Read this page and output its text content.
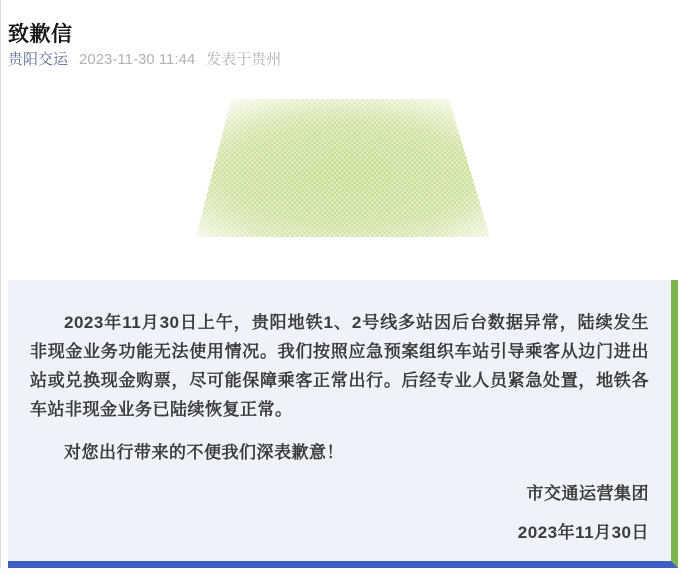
致歉信
贵阳交运 2023-11-30 11:44 发表于贵州

2023年11月30日上午，贵阳地铁1、2号线多站因后台数据异常，陆续发生非现金业务功能无法使用情况。我们按照应急预案组织车站引导乘客从边门进出站或兑换现金购票，尽可能保障乘客正常出行。后经专业人员紧急处置，地铁各车站非现金业务已陆续恢复正常。

对您出行带来的不便我们深表歉意！

市交通运营集团

2023年11月30日
